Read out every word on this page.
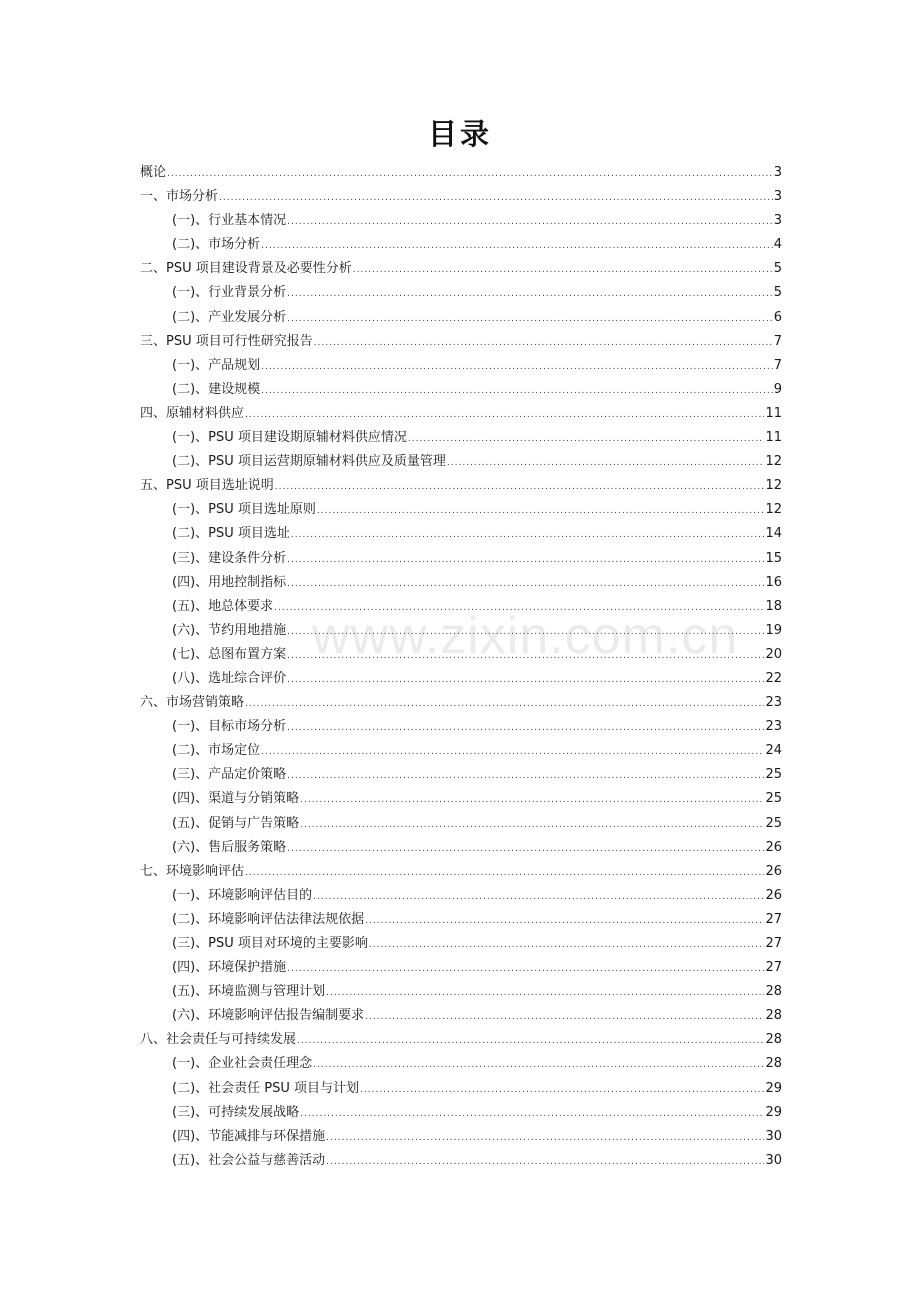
目录
www.zixin.com.cn
概论 .....	3
一、市场分析 .....	3
(一)、行业基本情况 .....	3
(二)、市场分析 .....	4
二、PSU 项目建设背景及必要性分析 .....	5
(一)、行业背景分析 .....	5
(二)、产业发展分析 .....	6
三、PSU 项目可行性研究报告 .....	7
(一)、产品规划 .....	7
(二)、建设规模 .....	9
四、原辅材料供应 .....	11
(一)、PSU 项目建设期原辅材料供应情况 .....	11
(二)、PSU 项目运营期原辅材料供应及质量管理 .....	12
五、PSU 项目选址说明 .....	12
(一)、PSU 项目选址原则 .....	12
(二)、PSU 项目选址 .....	14
(三)、建设条件分析 .....	15
(四)、用地控制指标 .....	16
(五)、地总体要求 .....	18
(六)、节约用地措施 .....	19
(七)、总图布置方案 .....	20
(八)、选址综合评价 .....	22
六、市场营销策略 .....	23
(一)、目标市场分析 .....	23
(二)、市场定位 .....	24
(三)、产品定价策略 .....	25
(四)、渠道与分销策略 .....	25
(五)、促销与广告策略 .....	25
(六)、售后服务策略 .....	26
七、环境影响评估 .....	26
(一)、环境影响评估目的 .....	26
(二)、环境影响评估法律法规依据 .....	27
(三)、PSU 项目对环境的主要影响 .....	27
(四)、环境保护措施 .....	27
(五)、环境监测与管理计划 .....	28
(六)、环境影响评估报告编制要求 .....	28
八、社会责任与可持续发展 .....	28
(一)、企业社会责任理念 .....	28
(二)、社会责任 PSU 项目与计划 .....	29
(三)、可持续发展战略 .....	29
(四)、节能减排与环保措施 .....	30
(五)、社会公益与慈善活动 .....	30
